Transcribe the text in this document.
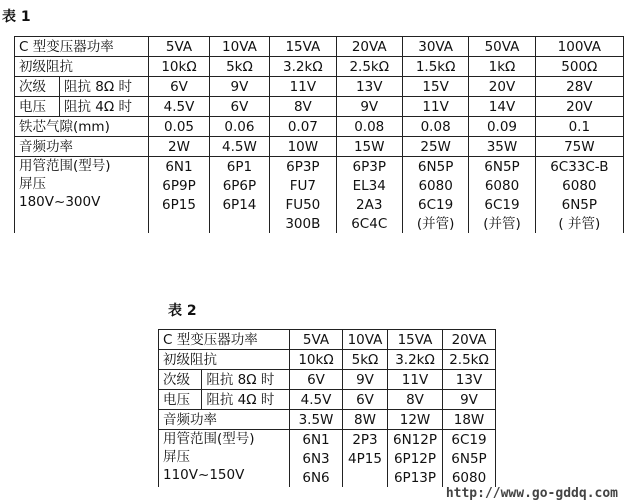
表 1
C 型变压器功率		5VA	10VA	15VA	20VA	30VA	50VA	100VA
初级阻抗		10kΩ	5kΩ	3.2kΩ	2.5kΩ	1.5kΩ	1kΩ	500Ω
次级	阻抗 8Ω 时	6V	9V	11V	13V	15V	20V	28V
电压	阻抗 4Ω 时	4.5V	6V	8V	9V	11V	14V	20V
铁芯气隙(mm)		0.05	0.06	0.07	0.08	0.08	0.09	0.1
音频功率		2W	4.5W	10W	15W	25W	35W	75W

用管范围(型号)
屏压
180V~300V		6N1	6P1	6P3P	6P3P	6N5P	6N5P	6C33C-B
		6P9P	6P6P	FU7	EL34	6080	6080	6080
		6P15	6P14	FU50	2A3	6C19	6C19	6N5P
				300B	6C4C	(并管)	(并管)	( 并管)
表 2
C 型变压器功率		5VA	10VA	15VA	20VA
初级阻抗		10kΩ	5kΩ	3.2kΩ	2.5kΩ
次级	阻抗 8Ω 时	6V	9V	11V	13V
电压	阻抗 4Ω 时	4.5V	6V	8V	9V
音频功率		3.5W	8W	12W	18W

用管范围(型号)
屏压
110V~150V		6N1	2P3	6N12P	6C19
		6N3	4P15	6P12P	6N5P
		6N6		6P13P	6080
http://www.go-gddq.com
